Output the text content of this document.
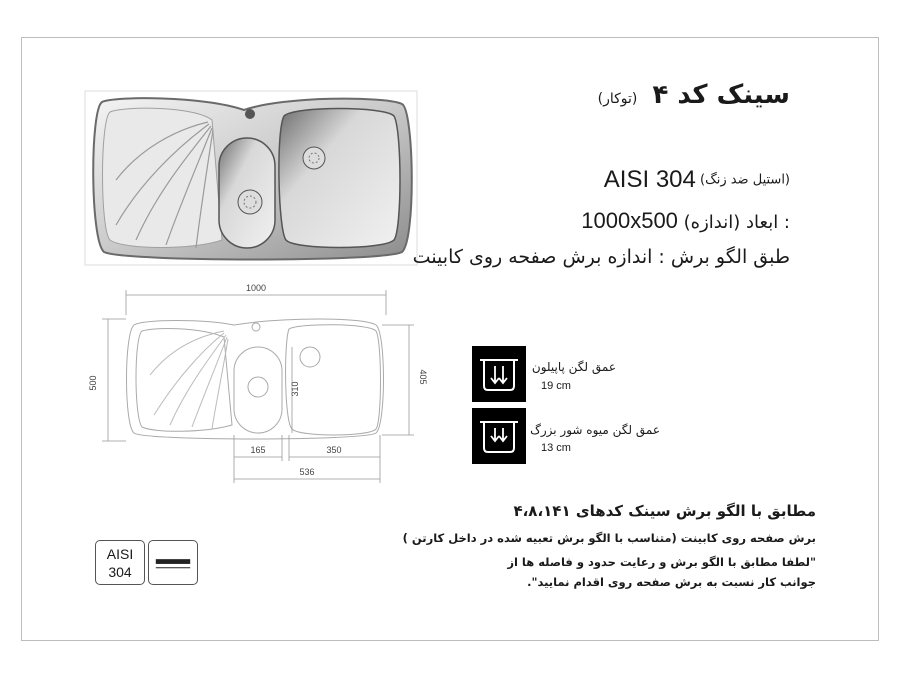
سینک کد ۴ (توکار)
(استیل ضد زنگ) AISI 304
: ابعاد (اندازه) 1000x500
طبق الگو برش : اندازه برش صفحه روی کابینت
1000
500	405
310
165	350
536
عمق لگن پاپیلون
19 cm
عمق لگن میوه شور بزرگ
13 cm
مطابق با الگو برش سینک کدهای ۴،۸،۱۴۱
برش صفحه روی کابینت (متناسب با الگو برش تعبیه شده در داخل کارتن )
"لطفا مطابق با الگو برش و رعایت حدود و فاصله ها از
جوانب کار نسبت به برش صفحه روی اقدام نمایید".
AISI
304
